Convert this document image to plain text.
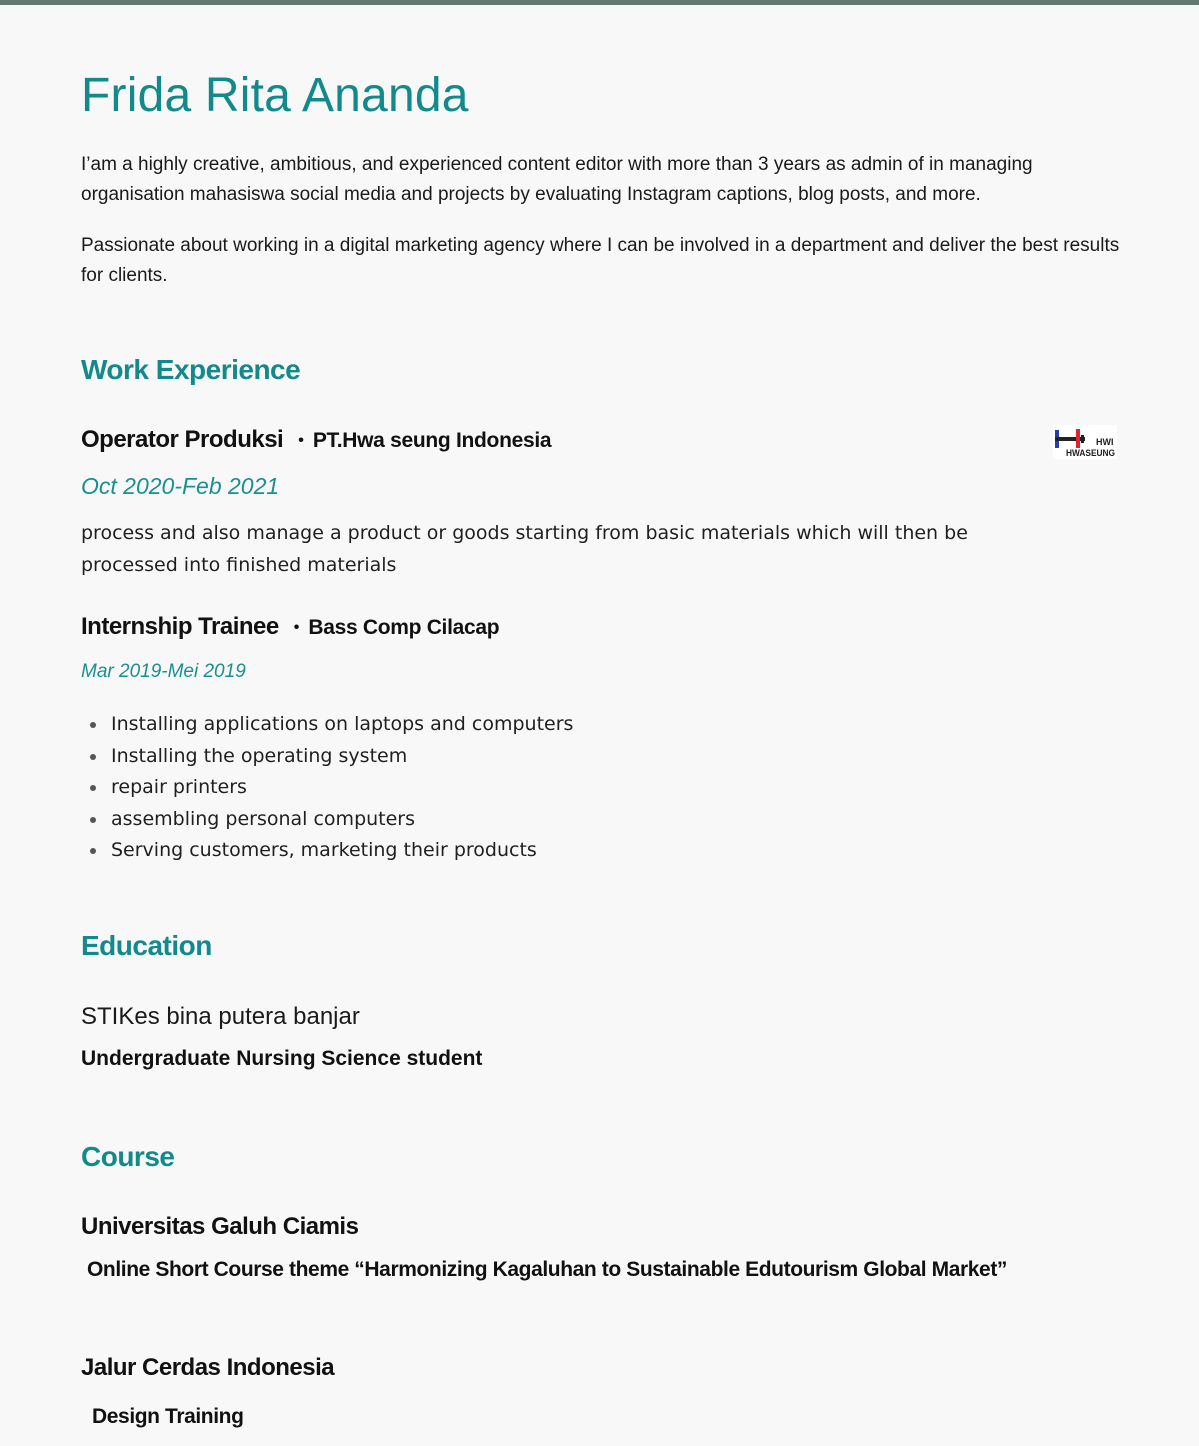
Frida Rita Ananda

I’am a highly creative, ambitious, and experienced content editor with more than 3 years as admin of in managing organisation mahasiswa social media and projects by evaluating Instagram captions, blog posts, and more.

Passionate about working in a digital marketing agency where I can be involved in a department and deliver the best results for clients.

Work Experience
Operator Produksi • PT.Hwa seung Indonesia	HWI
HWASEUNG
Oct 2020-Feb 2021

process and also manage a product or goods starting from basic materials which will then be processed into finished materials

Internship Trainee • Bass Comp Cilacap
Mar 2019-Mei 2019
Installing applications on laptops and computers
Installing the operating system
repair printers
assembling personal computers
Serving customers, marketing their products
Education
STIKes bina putera banjar
Undergraduate Nursing Science student
Course
Universitas Galuh Ciamis
Online Short Course theme “Harmonizing Kagaluhan to Sustainable Edutourism Global Market”
Jalur Cerdas Indonesia
Design Training
